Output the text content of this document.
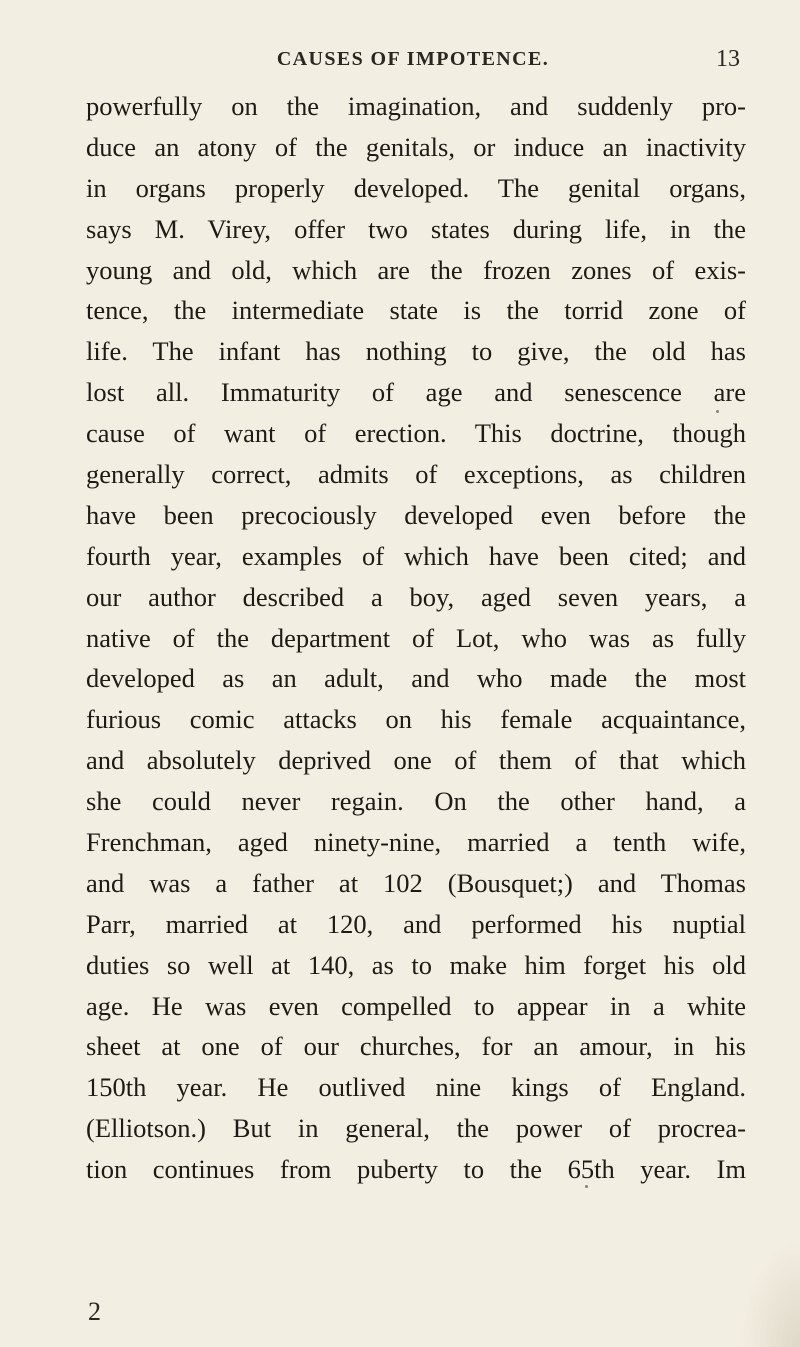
CAUSES OF IMPOTENCE.	13
powerfully on the imagination, and suddenly pro-
duce an atony of the genitals, or induce an inactivity
in organs properly developed. The genital organs,
says M. Virey, offer two states during life, in the
young and old, which are the frozen zones of exis-
tence, the intermediate state is the torrid zone of
life. The infant has nothing to give, the old has
lost all. Immaturity of age and senescence are
cause of want of erection. This doctrine, though
generally correct, admits of exceptions, as children
have been precociously developed even before the
fourth year, examples of which have been cited; and
our author described a boy, aged seven years, a
native of the department of Lot, who was as fully
developed as an adult, and who made the most
furious comic attacks on his female acquaintance,
and absolutely deprived one of them of that which
she could never regain. On the other hand, a
Frenchman, aged ninety-nine, married a tenth wife,
and was a father at 102 (Bousquet;) and Thomas
Parr, married at 120, and performed his nuptial
duties so well at 140, as to make him forget his old
age. He was even compelled to appear in a white
sheet at one of our churches, for an amour, in his
150th year. He outlived nine kings of England.
(Elliotson.) But in general, the power of procrea-
tion continues from puberty to the 65th year. Im
2
